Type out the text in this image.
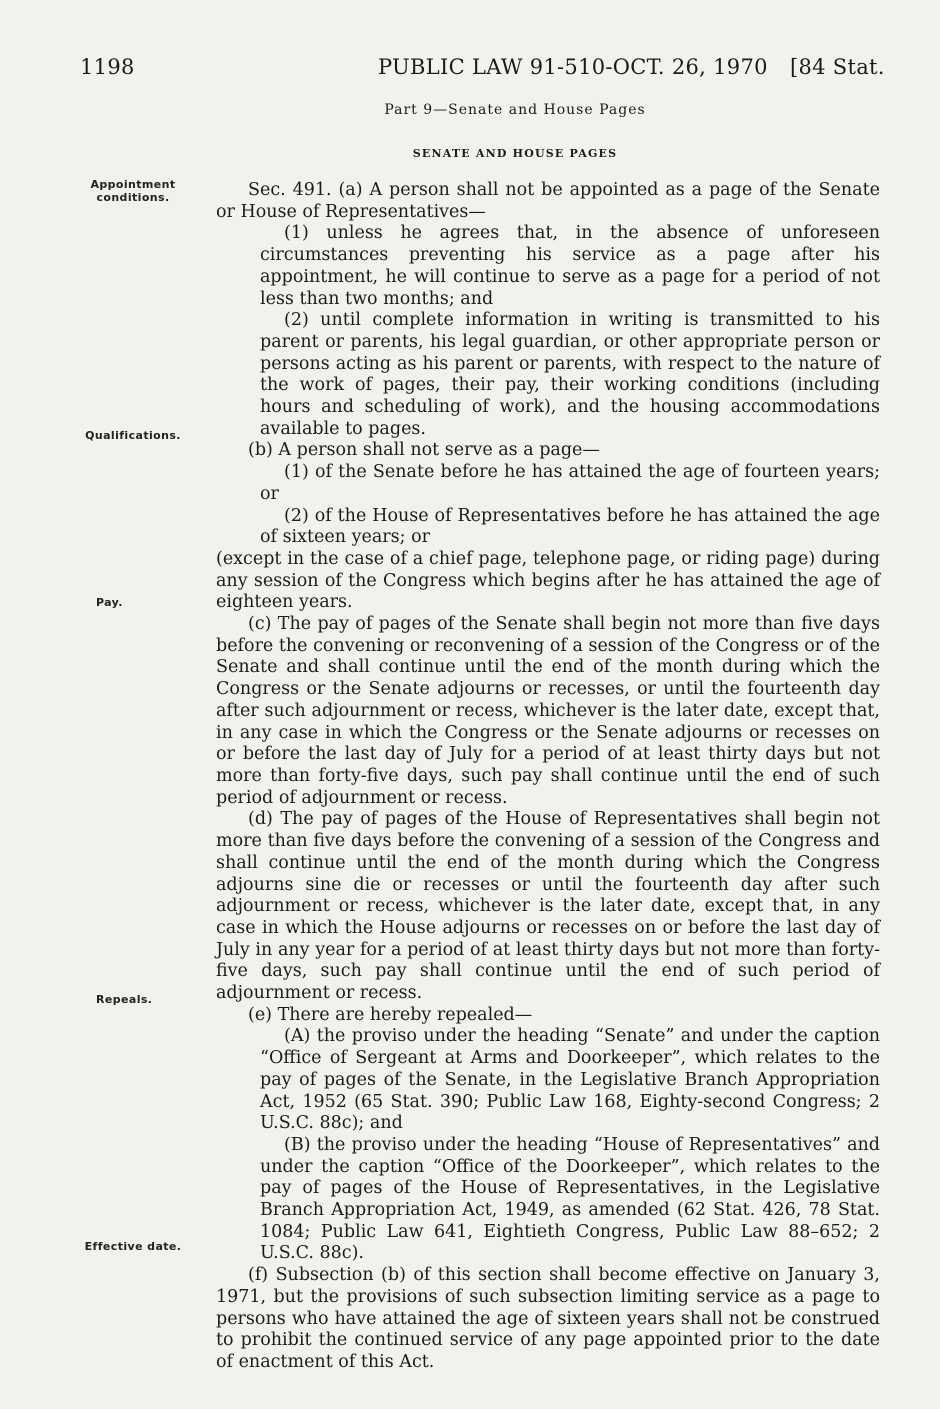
1198	PUBLIC LAW 91-510-OCT. 26, 1970 [84 Stat.
Part 9—Senate and House Pages
SENATE AND HOUSE PAGES
Appointment
conditions.
Qualifications.
Pay.
Repeals.
Effective date.

Sec. 491. (a) A person shall not be appointed as a page of the Senate or House of Representatives—

(1) unless he agrees that, in the absence of unforeseen circumstances preventing his service as a page after his appointment, he will continue to serve as a page for a period of not less than two months; and

(2) until complete information in writing is transmitted to his parent or parents, his legal guardian, or other appropriate person or persons acting as his parent or parents, with respect to the nature of the work of pages, their pay, their working conditions (including hours and scheduling of work), and the housing accommodations available to pages.

(b) A person shall not serve as a page—

(1) of the Senate before he has attained the age of fourteen years; or

(2) of the House of Representatives before he has attained the age of sixteen years; or

(except in the case of a chief page, telephone page, or riding page) during any session of the Congress which begins after he has attained the age of eighteen years.

(c) The pay of pages of the Senate shall begin not more than five days before the convening or reconvening of a session of the Congress or of the Senate and shall continue until the end of the month during which the Congress or the Senate adjourns or recesses, or until the fourteenth day after such adjournment or recess, whichever is the later date, except that, in any case in which the Congress or the Senate adjourns or recesses on or before the last day of July for a period of at least thirty days but not more than forty-five days, such pay shall continue until the end of such period of adjournment or recess.

(d) The pay of pages of the House of Representatives shall begin not more than five days before the convening of a session of the Congress and shall continue until the end of the month during which the Congress adjourns sine die or recesses or until the fourteenth day after such adjournment or recess, whichever is the later date, except that, in any case in which the House adjourns or recesses on or before the last day of July in any year for a period of at least thirty days but not more than forty-five days, such pay shall continue until the end of such period of adjournment or recess.

(e) There are hereby repealed—

(A) the proviso under the heading “Senate” and under the caption “Office of Sergeant at Arms and Doorkeeper”, which relates to the pay of pages of the Senate, in the Legislative Branch Appropriation Act, 1952 (65 Stat. 390; Public Law 168, Eighty-second Congress; 2 U.S.C. 88c); and

(B) the proviso under the heading “House of Representatives” and under the caption “Office of the Doorkeeper”, which relates to the pay of pages of the House of Representatives, in the Legislative Branch Appropriation Act, 1949, as amended (62 Stat. 426, 78 Stat. 1084; Public Law 641, Eightieth Congress, Public Law 88–652; 2 U.S.C. 88c).

(f) Subsection (b) of this section shall become effective on January 3, 1971, but the provisions of such subsection limiting service as a page to persons who have attained the age of sixteen years shall not be construed to prohibit the continued service of any page appointed prior to the date of enactment of this Act.
